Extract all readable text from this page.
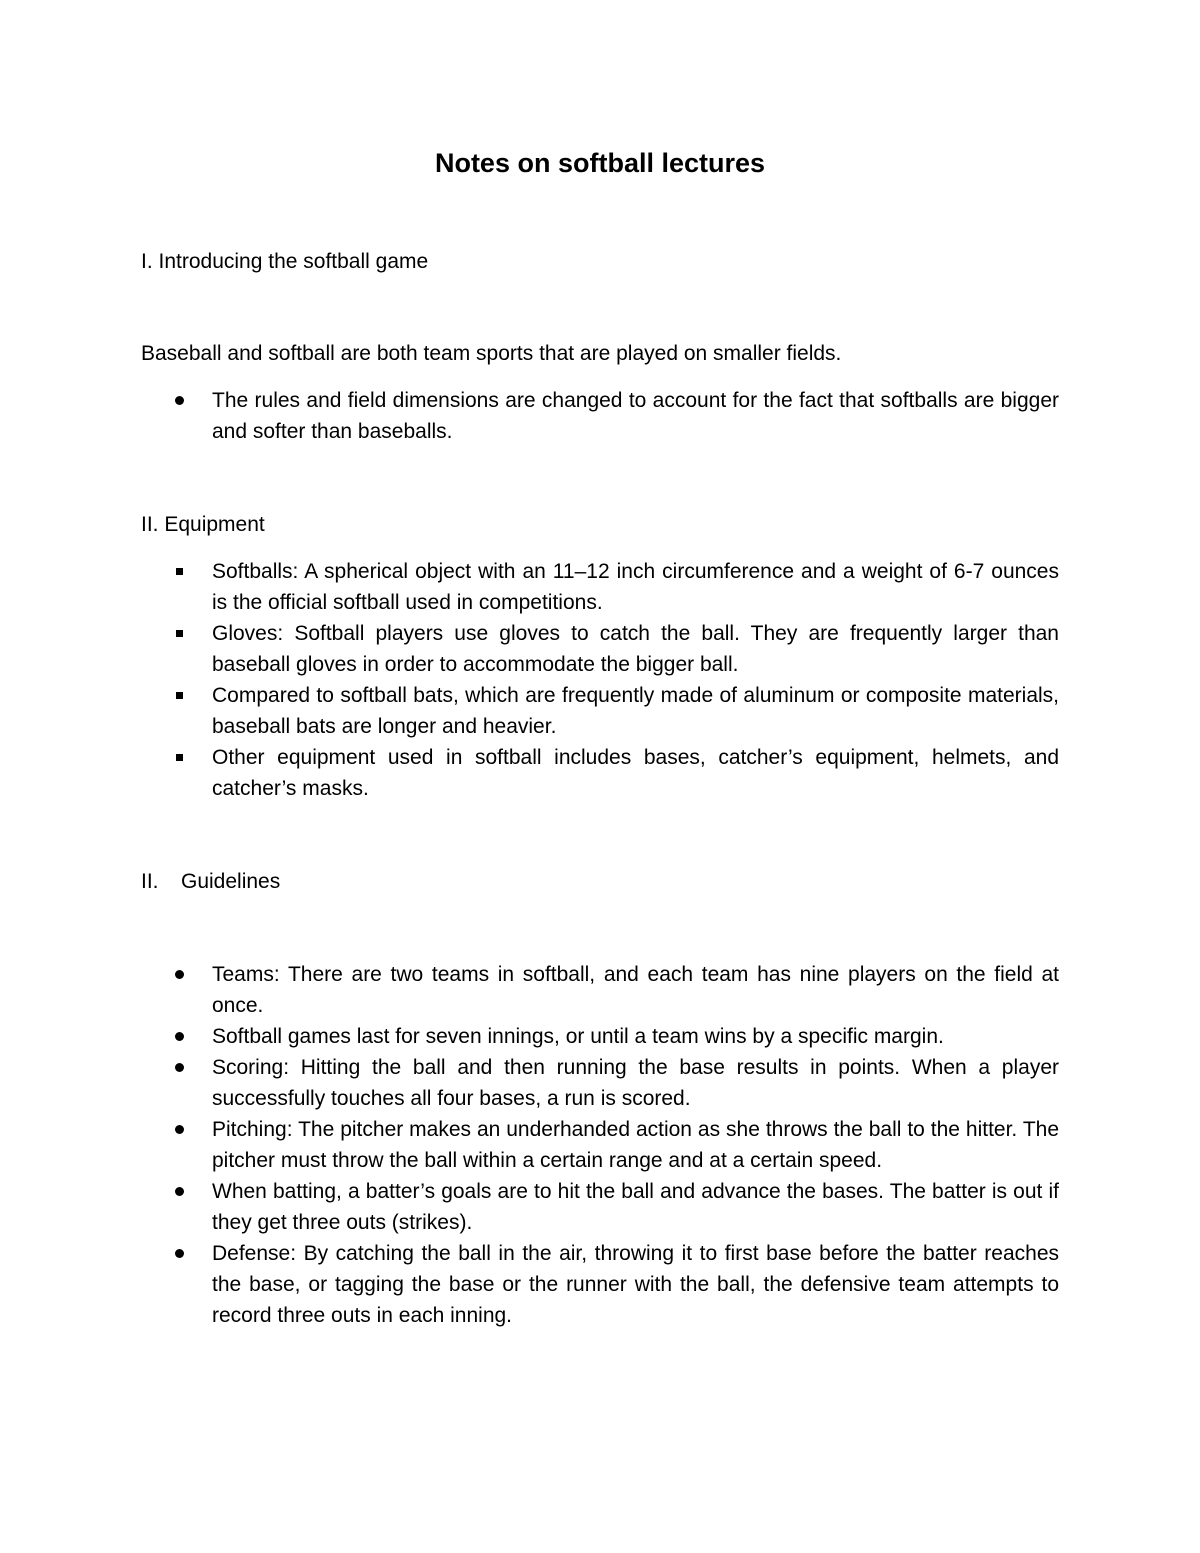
Notes on softball lectures
I. Introducing the softball game
Baseball and softball are both team sports that are played on smaller fields.
The rules and field dimensions are changed to account for the fact that softballs are bigger and softer than baseballs.
II. Equipment
Softballs: A spherical object with an 11–12 inch circumference and a weight of 6-7 ounces is the official softball used in competitions.
Gloves: Softball players use gloves to catch the ball. They are frequently larger than baseball gloves in order to accommodate the bigger ball.
Compared to softball bats, which are frequently made of aluminum or composite materials, baseball bats are longer and heavier.
Other equipment used in softball includes bases, catcher’s equipment, helmets, and catcher’s masks.
II. Guidelines
Teams: There are two teams in softball, and each team has nine players on the field at once.
Softball games last for seven innings, or until a team wins by a specific margin.
Scoring: Hitting the ball and then running the base results in points. When a player successfully touches all four bases, a run is scored.
Pitching: The pitcher makes an underhanded action as she throws the ball to the hitter. The pitcher must throw the ball within a certain range and at a certain speed.
When batting, a batter’s goals are to hit the ball and advance the bases. The batter is out if they get three outs (strikes).
Defense: By catching the ball in the air, throwing it to first base before the batter reaches the base, or tagging the base or the runner with the ball, the defensive team attempts to record three outs in each inning.
